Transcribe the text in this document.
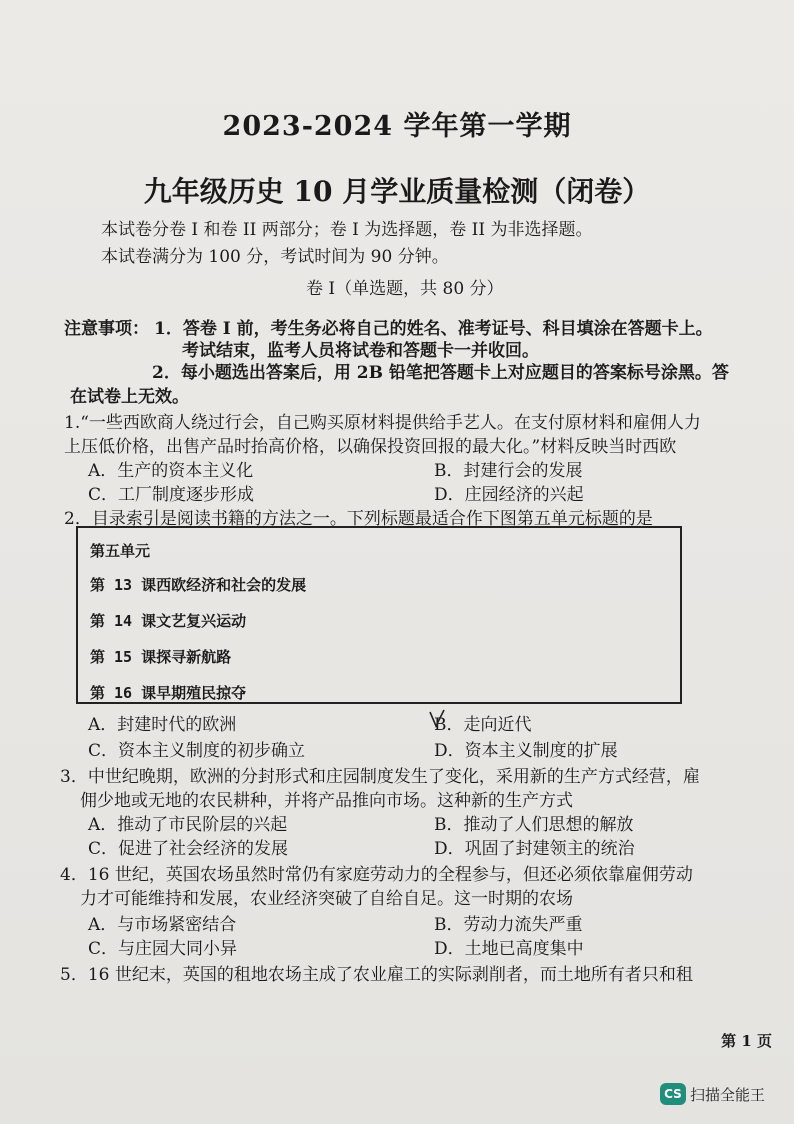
2023-2024 学年第一学期
九年级历史 10 月学业质量检测（闭卷）
本试卷分卷 I 和卷 II 两部分；卷 I 为选择题，卷 II 为非选择题。
本试卷满分为 100 分，考试时间为 90 分钟。
卷 I（单选题，共 80 分）
注意事项： 1．答卷 I 前，考生务必将自己的姓名、准考证号、科目填涂在答题卡上。
考试结束，监考人员将试卷和答题卡一并收回。
2．每小题选出答案后，用 2B 铅笔把答题卡上对应题目的答案标号涂黑。答
在试卷上无效。
1.“一些西欧商人绕过行会，自己购买原材料提供给手艺人。在支付原材料和雇佣人力
上压低价格，出售产品时抬高价格，以确保投资回报的最大化。”材料反映当时西欧
A．生产的资本主义化	B．封建行会的发展
C．工厂制度逐步形成	D．庄园经济的兴起
2．目录索引是阅读书籍的方法之一。下列标题最适合作下图第五单元标题的是
第五单元
第 13 课西欧经济和社会的发展
第 14 课文艺复兴运动
第 15 课探寻新航路
第 16 课早期殖民掠夺
A．封建时代的欧洲	B．走向近代
C．资本主义制度的初步确立	D．资本主义制度的扩展
3．中世纪晚期，欧洲的分封形式和庄园制度发生了变化，采用新的生产方式经营，雇
佣少地或无地的农民耕种，并将产品推向市场。这种新的生产方式
A．推动了市民阶层的兴起	B．推动了人们思想的解放
C．促进了社会经济的发展	D．巩固了封建领主的统治
4．16 世纪，英国农场虽然时常仍有家庭劳动力的全程参与，但还必须依靠雇佣劳动
力才可能维持和发展，农业经济突破了自给自足。这一时期的农场
A．与市场紧密结合	B．劳动力流失严重
C．与庄园大同小异	D．土地已高度集中
5．16 世纪末，英国的租地农场主成了农业雇工的实际剥削者，而土地所有者只和租
第 1 页
CS 扫描全能王
